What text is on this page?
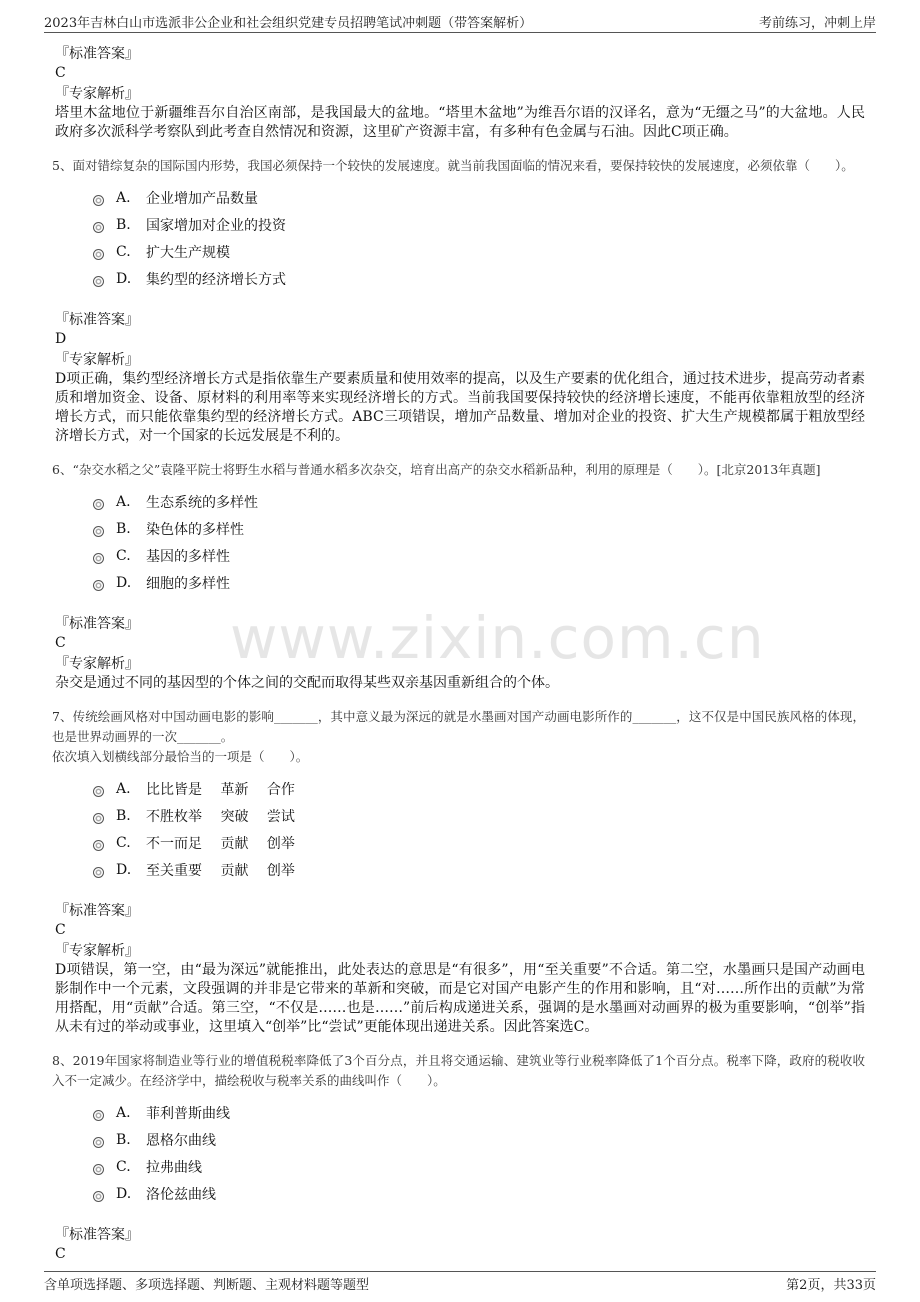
2023年吉林白山市选派非公企业和社会组织党建专员招聘笔试冲刺题（带答案解析）	考前练习，冲刺上岸
www.zixin.com.cn
『标准答案』
C
『专家解析』

塔里木盆地位于新疆维吾尔自治区南部，是我国最大的盆地。“塔里木盆地”为维吾尔语的汉译名，意为“无缰之马”的大盆地。人民政府多次派科学考察队到此考查自然情况和资源，这里矿产资源丰富，有多种有色金属与石油。因此C项正确。

5、面对错综复杂的国际国内形势，我国必须保持一个较快的发展速度。就当前我国面临的情况来看，要保持较快的发展速度，必须依靠（　　）。
A.	企业增加产品数量
B.	国家增加对企业的投资
C.	扩大生产规模
D.	集约型的经济增长方式
『标准答案』
D
『专家解析』

D项正确，集约型经济增长方式是指依靠生产要素质量和使用效率的提高，以及生产要素的优化组合，通过技术进步，提高劳动者素质和增加资金、设备、原材料的利用率等来实现经济增长的方式。当前我国要保持较快的经济增长速度，不能再依靠粗放型的经济增长方式，而只能依靠集约型的经济增长方式。ABC三项错误，增加产品数量、增加对企业的投资、扩大生产规模都属于粗放型经济增长方式，对一个国家的长远发展是不利的。

6、“杂交水稻之父”袁隆平院士将野生水稻与普通水稻多次杂交，培育出高产的杂交水稻新品种，利用的原理是（　　）。[北京2013年真题]
A.	生态系统的多样性
B.	染色体的多样性
C.	基因的多样性
D.	细胞的多样性
『标准答案』
C
『专家解析』

杂交是通过不同的基因型的个体之间的交配而取得某些双亲基因重新组合的个体。

7、传统绘画风格对中国动画电影的影响_______，其中意义最为深远的就是水墨画对国产动画电影所作的_______，这不仅是中国民族风格的体现，也是世界动画界的一次_______。
依次填入划横线部分最恰当的一项是（　　）。
A.	比比皆是　 革新　 合作
B.	不胜枚举　 突破　 尝试
C.	不一而足　 贡献　 创举
D.	至关重要　 贡献　 创举
『标准答案』
C
『专家解析』

D项错误，第一空，由“最为深远”就能推出，此处表达的意思是“有很多”，用“至关重要”不合适。第二空，水墨画只是国产动画电影制作中一个元素，文段强调的并非是它带来的革新和突破，而是它对国产电影产生的作用和影响，且“对……所作出的贡献”为常用搭配，用“贡献”合适。第三空，“不仅是……也是……”前后构成递进关系，强调的是水墨画对动画界的极为重要影响，“创举”指从未有过的举动或事业，这里填入“创举”比“尝试”更能体现出递进关系。因此答案选C。

8、2019年国家将制造业等行业的增值税税率降低了3个百分点，并且将交通运输、建筑业等行业税率降低了1个百分点。税率下降，政府的税收收入不一定减少。在经济学中，描绘税收与税率关系的曲线叫作（　　）。
A.	菲利普斯曲线
B.	恩格尔曲线
C.	拉弗曲线
D.	洛伦兹曲线
『标准答案』
C
含单项选择题、多项选择题、判断题、主观材料题等题型	第2页，共33页
